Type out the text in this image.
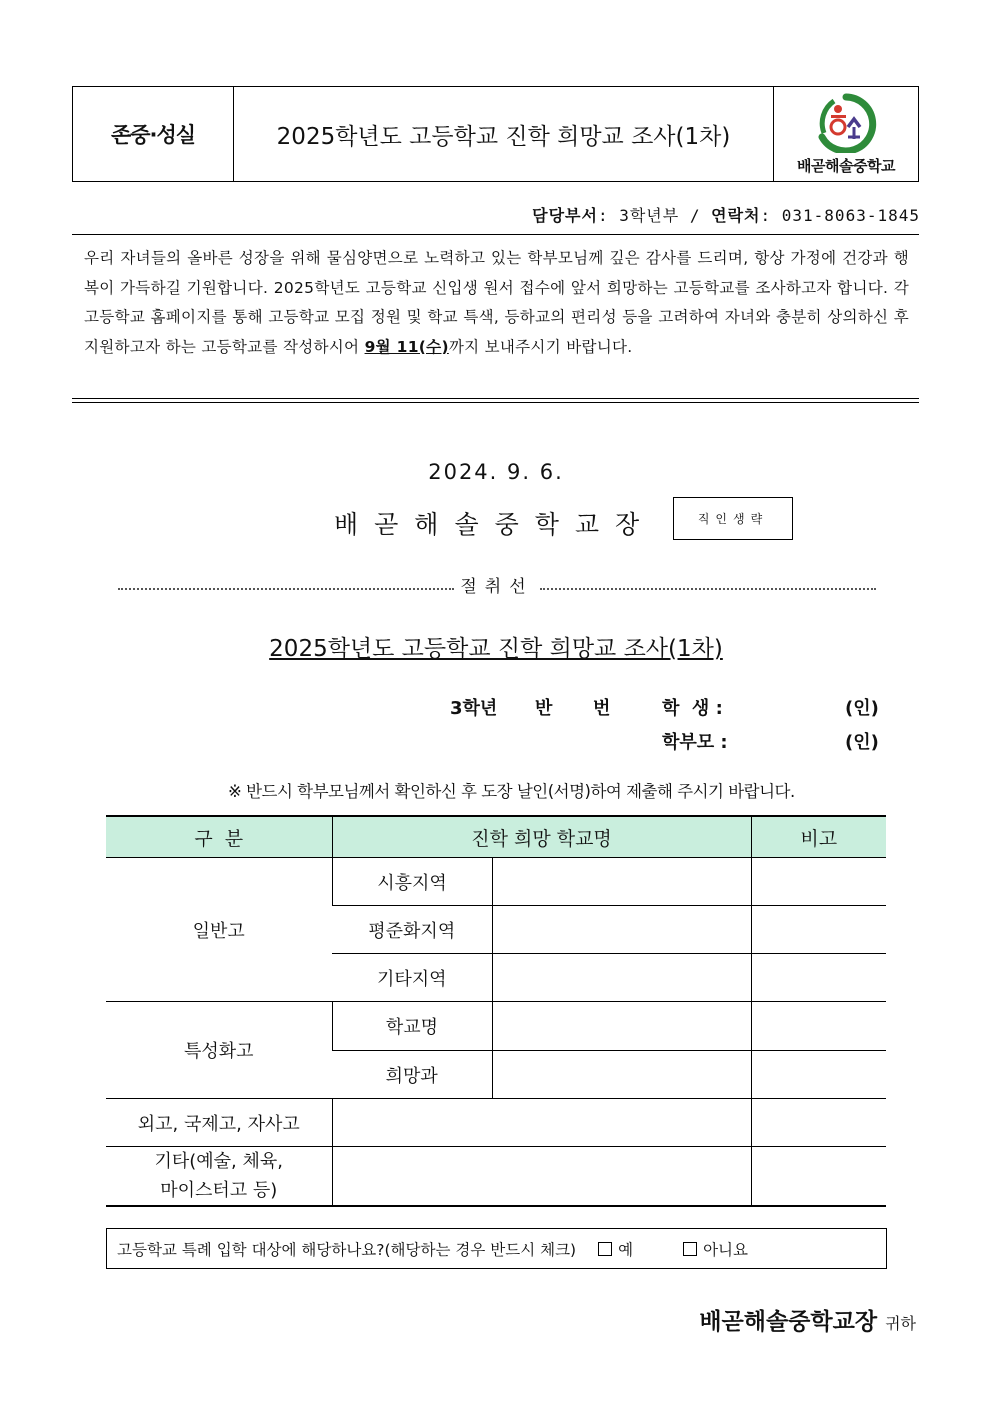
존중·성실	2025학년도 고등학교 진학 희망교 조사(1차)
배곧해솔중학교
담당부서: 3학년부 / 연락처: 031-8063-1845
우리 자녀들의 올바른 성장을 위해 물심양면으로 노력하고 있는 학부모님께 깊은 감사를 드리며, 항상 가정에 건강과 행복이 가득하길 기원합니다. 2025학년도 고등학교 신입생 원서 접수에 앞서 희망하는 고등학교를 조사하고자 합니다. 각 고등학교 홈페이지를 통해 고등학교 모집 정원 및 학교 특색, 등하교의 편리성 등을 고려하여 자녀와 충분히 상의하신 후 지원하고자 하는 고등학교를 작성하시어 9월 11(수)까지 보내주시기 바랍니다.
2024. 9. 6.
배곧해솔중학교장	직인생략
절취선
2025학년도 고등학교 진학 희망교 조사(1차)
3학년 반 번	학  생 :	(인)
학부모 :	(인)
※ 반드시 학부모님께서 확인하신 후 도장 날인(서명)하여 제출해 주시기 바랍니다.
구  분	진학 희망 학교명		비고
일반고	시흥지역		
	평준화지역		
	기타지역		
특성화고	학교명		
	희망과		
외고, 국제고, 자사고			
기타(예술, 체육,
마이스터고 등)			
고등학교 특례 입학 대상에 해당하나요?(해당하는 경우 반드시 체크)	예	아니요
배곧해솔중학교장 귀하
